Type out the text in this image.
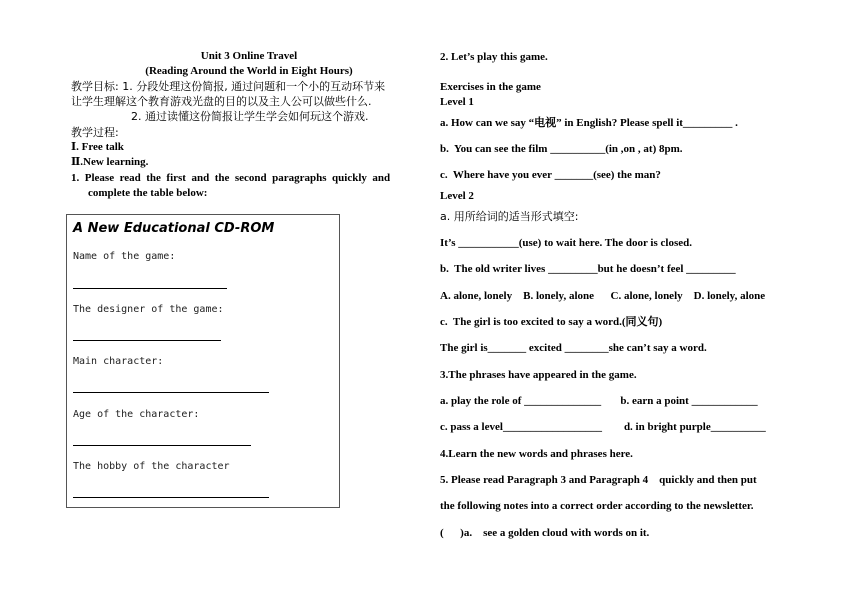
Unit 3 Online Travel
(Reading Around the World in Eight Hours)
教学目标: 1. 分段处理这份简报, 通过问题和一个小的互动环节来
让学生理解这个教育游戏光盘的目的以及主人公可以做些什么.
2. 通过读懂这份简报让学生学会如何玩这个游戏.
教学过程:
Ⅰ. Free talk
Ⅱ.New learning.
1.  Please  read  the  first  and  the  second  paragraphs  quickly  and
complete the table below:
A New Educational CD-ROM
Name of the game:
The designer of the game:
Main character:
Age of the character:
The hobby of the character
2. Let’s play this game.
Exercises in the game
Level 1
a. How can we say “电视” in English? Please spell it_________ .
b.  You can see the film __________(in ,on , at) 8pm.
c.  Where have you ever _______(see) the man?
Level 2
a. 用所给词的适当形式填空:
It’s ___________(use) to wait here. The door is closed.
b.  The old writer lives _________but he doesn’t feel _________
A. alone, lonely    B. lonely, alone      C. alone, lonely    D. lonely, alone
c.  The girl is too excited to say a word.(同义句)
The girl is_______ excited ________she can’t say a word.
3.The phrases have appeared in the game.
a. play the role of ______________       b. earn a point ____________
c. pass a level__________________        d. in bright purple__________
4.Learn the new words and phrases here.
5. Please read Paragraph 3 and Paragraph 4    quickly and then put
the following notes into a correct order according to the newsletter.
(      )a.    see a golden cloud with words on it.
